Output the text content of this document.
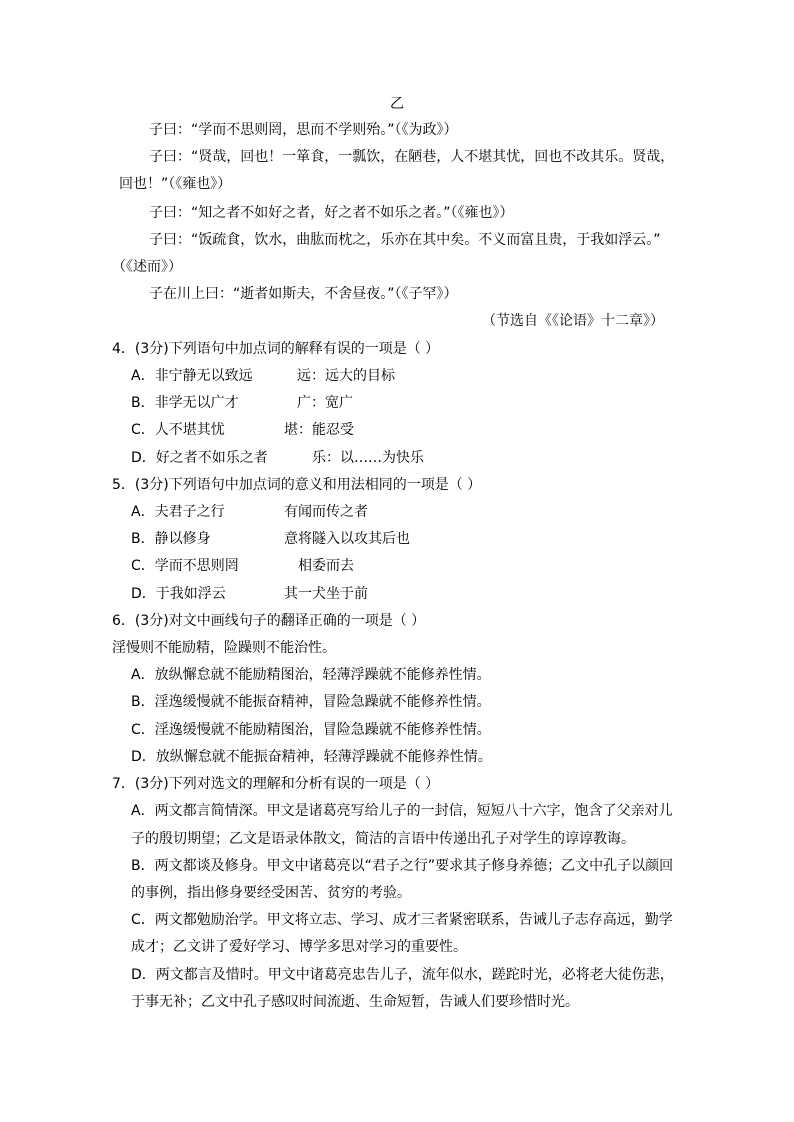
乙
子曰：“学而不思则罔，思而不学则殆。”（《为政》）
子曰：“贤哉，回也！一箪食，一瓢饮，在陋巷，人不堪其忧，回也不改其乐。贤哉，
回也！”（《雍也》）
子曰：“知之者不如好之者，好之者不如乐之者。”（《雍也》）
子曰：“饭疏食，饮水，曲肱而枕之，乐亦在其中矣。不义而富且贵，于我如浮云。”
（《述而》）
子在川上曰：“逝者如斯夫，不舍昼夜。”（《子罕》）
（节选自《《论语》十二章》）
4．(3分)下列语句中加点词的解释有误的一项是（ ）
A．非宁静无以致远	远：远大的目标
B．非学无以广才	广：宽广
C．人不堪其忧	堪：能忍受
D．好之者不如乐之者	乐：以……为快乐
5．(3分)下列语句中加点词的意义和用法相同的一项是（ ）
A．夫君子之行	有闻而传之者
B．静以修身	意将隧入以攻其后也
C．学而不思则罔	相委而去
D．于我如浮云	其一犬坐于前
6．(3分)对文中画线句子的翻译正确的一项是（ ）
淫慢则不能励精，险躁则不能治性。
A．放纵懈怠就不能励精图治，轻薄浮躁就不能修养性情。
B．淫逸缓慢就不能振奋精神，冒险急躁就不能修养性情。
C．淫逸缓慢就不能励精图治，冒险急躁就不能修养性情。
D．放纵懈怠就不能振奋精神，轻薄浮躁就不能修养性情。
7．(3分)下列对选文的理解和分析有误的一项是（ ）
A．两文都言简情深。甲文是诸葛亮写给儿子的一封信，短短八十六字，饱含了父亲对儿
子的殷切期望；乙文是语录体散文，简洁的言语中传递出孔子对学生的谆谆教诲。
B．两文都谈及修身。甲文中诸葛亮以“君子之行”要求其子修身养德；乙文中孔子以颜回
的事例，指出修身要经受困苦、贫穷的考验。
C．两文都勉励治学。甲文将立志、学习、成才三者紧密联系，告诫儿子志存高远，勤学
成才；乙文讲了爱好学习、博学多思对学习的重要性。
D．两文都言及惜时。甲文中诸葛亮忠告儿子，流年似水，蹉跎时光，必将老大徒伤悲，
于事无补；乙文中孔子感叹时间流逝、生命短暂，告诫人们要珍惜时光。
